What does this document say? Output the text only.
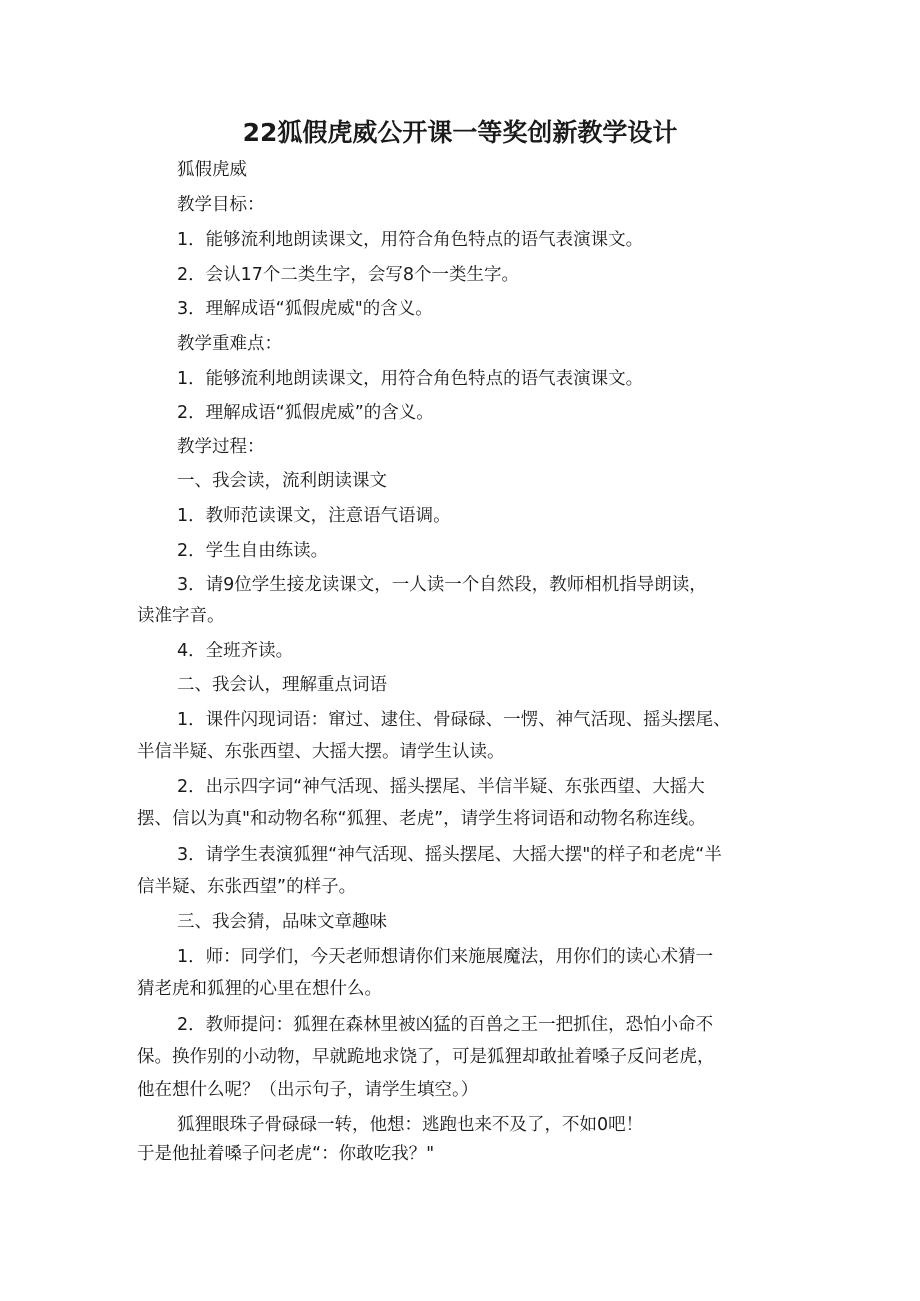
22狐假虎威公开课一等奖创新教学设计
狐假虎威
教学目标：
1．能够流利地朗读课文，用符合角色特点的语气表演课文。
2．会认17个二类生字，会写8个一类生字。
3．理解成语“狐假虎威"的含义。
教学重难点：
1．能够流利地朗读课文，用符合角色特点的语气表演课文。
2．理解成语“狐假虎威”的含义。
教学过程：
一、我会读，流利朗读课文
1．教师范读课文，注意语气语调。
2．学生自由练读。
3．请9位学生接龙读课文，一人读一个自然段，教师相机指导朗读，
读准字音。
4．全班齐读。
二、我会认，理解重点词语
1．课件闪现词语：窜过、逮住、骨碌碌、一愣、神气活现、摇头摆尾、
半信半疑、东张西望、大摇大摆。请学生认读。
2．出示四字词“神气活现、摇头摆尾、半信半疑、东张西望、大摇大
摆、信以为真"和动物名称“狐狸、老虎”，请学生将词语和动物名称连线。
3．请学生表演狐狸“神气活现、摇头摆尾、大摇大摆"的样子和老虎“半
信半疑、东张西望”的样子。
三、我会猜，品味文章趣味
1．师：同学们，今天老师想请你们来施展魔法，用你们的读心术猜一
猜老虎和狐狸的心里在想什么。
2．教师提问：狐狸在森林里被凶猛的百兽之王一把抓住，恐怕小命不
保。换作别的小动物，早就跪地求饶了，可是狐狸却敢扯着嗓子反问老虎，
他在想什么呢？（出示句子，请学生填空。）
狐狸眼珠子骨碌碌一转，他想：逃跑也来不及了，不如0吧！
于是他扯着嗓子问老虎“：你敢吃我？"
